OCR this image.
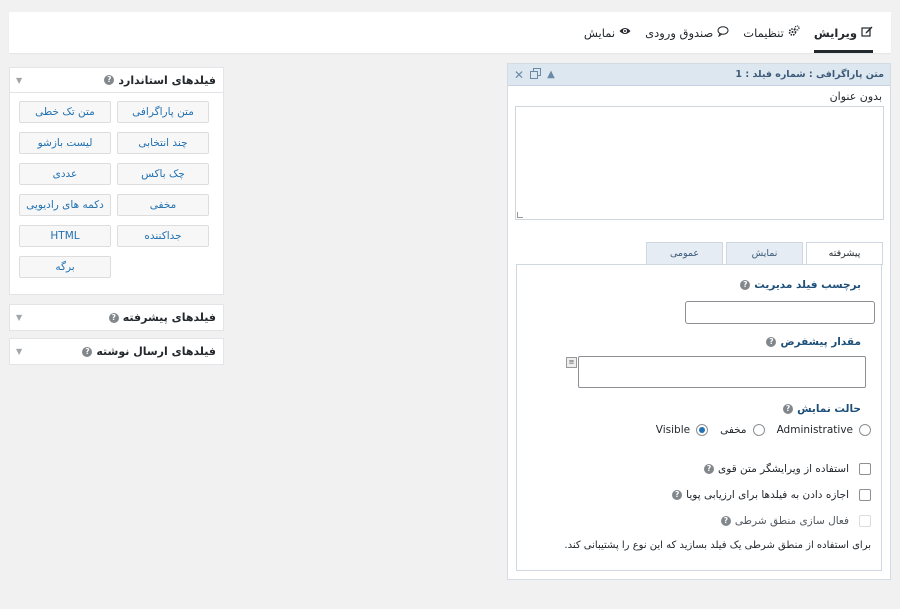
ویرایش
تنظیمات
صندوق ورودی
نمایش
فیلدهای استاندارد
?
▼
متن پاراگرافی
متن تک خطی
چند انتخابی
لیست بازشو
چک باکس
عددی
مخفی
دکمه های رادیویی
جداکننده
HTML
برگه
فیلدهای پیشرفته
?
▼
فیلدهای ارسال نوشته
?
▼
متن پاراگرافی : شماره فیلد : 1
▲
✕
بدون عنوان
پیشرفته
نمایش
عمومی
برچسب فیلد مدیریت
?
مقدار پیشفرض
?
≡
حالت نمایش
?
Visible	مخفی	Administrative
استفاده از ویرایشگر متن قوی
?
اجازه دادن به فیلدها برای ارزیابی پویا
?
فعال سازی منطق شرطی
?
برای استفاده از منطق شرطی یک فیلد بسازید که این نوع را پشتیبانی کند.
